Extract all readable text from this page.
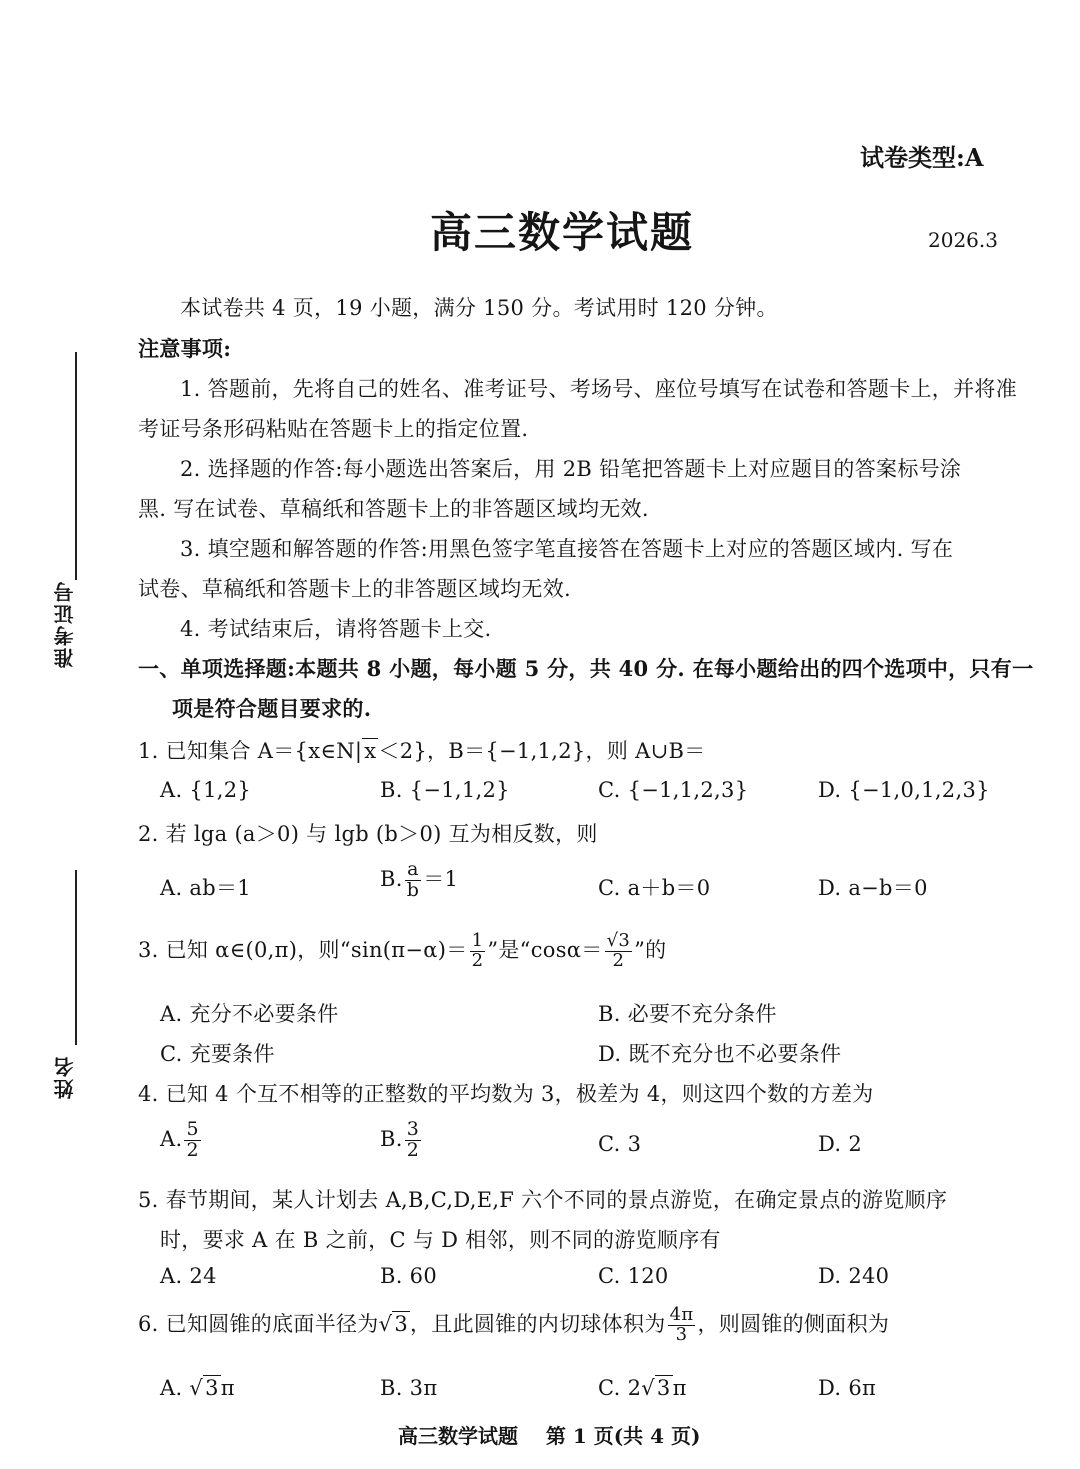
准考证号
姓名
试卷类型:A
高三数学试题	2026.3
本试卷共 4 页，19 小题，满分 150 分。考试用时 120 分钟。
注意事项:
1. 答题前，先将自己的姓名、准考证号、考场号、座位号填写在试卷和答题卡上，并将准
考证号条形码粘贴在答题卡上的指定位置.
2. 选择题的作答:每小题选出答案后，用 2B 铅笔把答题卡上对应题目的答案标号涂
黑. 写在试卷、草稿纸和答题卡上的非答题区域均无效.
3. 填空题和解答题的作答:用黑色签字笔直接答在答题卡上对应的答题区域内. 写在
试卷、草稿纸和答题卡上的非答题区域均无效.
4. 考试结束后，请将答题卡上交.
一、单项选择题:本题共 8 小题，每小题 5 分，共 40 分. 在每小题给出的四个选项中，只有一
项是符合题目要求的.
1. 已知集合 A＝{x∈N|x＜2}，B＝{−1,1,2}，则 A∪B＝
A. {1,2}	B. {−1,1,2}	C. {−1,1,2,3}	D. {−1,0,1,2,3}
2. 若 lga (a＞0) 与 lgb (b＞0) 互为相反数，则
A. ab＝1	B. $\frac{a}{b} =1$	C. a＋b＝0	D. a−b＝0
3. 已知 α∈(0,π)，则“$\sin(\pi-\alpha)= \frac{1}{2}$ ”是“$\cos\alpha= \frac{√3}{2}$ ”的
A. 充分不必要条件	B. 必要不充分条件
C. 充要条件	D. 既不充分也不必要条件
4. 已知 4 个互不相等的正整数的平均数为 3，极差为 4，则这四个数的方差为
A. $\frac{5}{2}$	B. $\frac{3}{2}$	C. 3	D. 2
5. 春节期间，某人计划去 A,B,C,D,E,F 六个不同的景点游览，在确定景点的游览顺序
时，要求 A 在 B 之前，C 与 D 相邻，则不同的游览顺序有
A. 24	B. 60	C. 120	D. 240
6. 已知圆锥的底面半径为√3，且此圆锥的内切球体积为 $\frac{4\pi}{3}$ ，则圆锥的侧面积为
A. √3π	B. 3π	C. 2√3π	D. 6π
高三数学试题    第 1 页(共 4 页)
